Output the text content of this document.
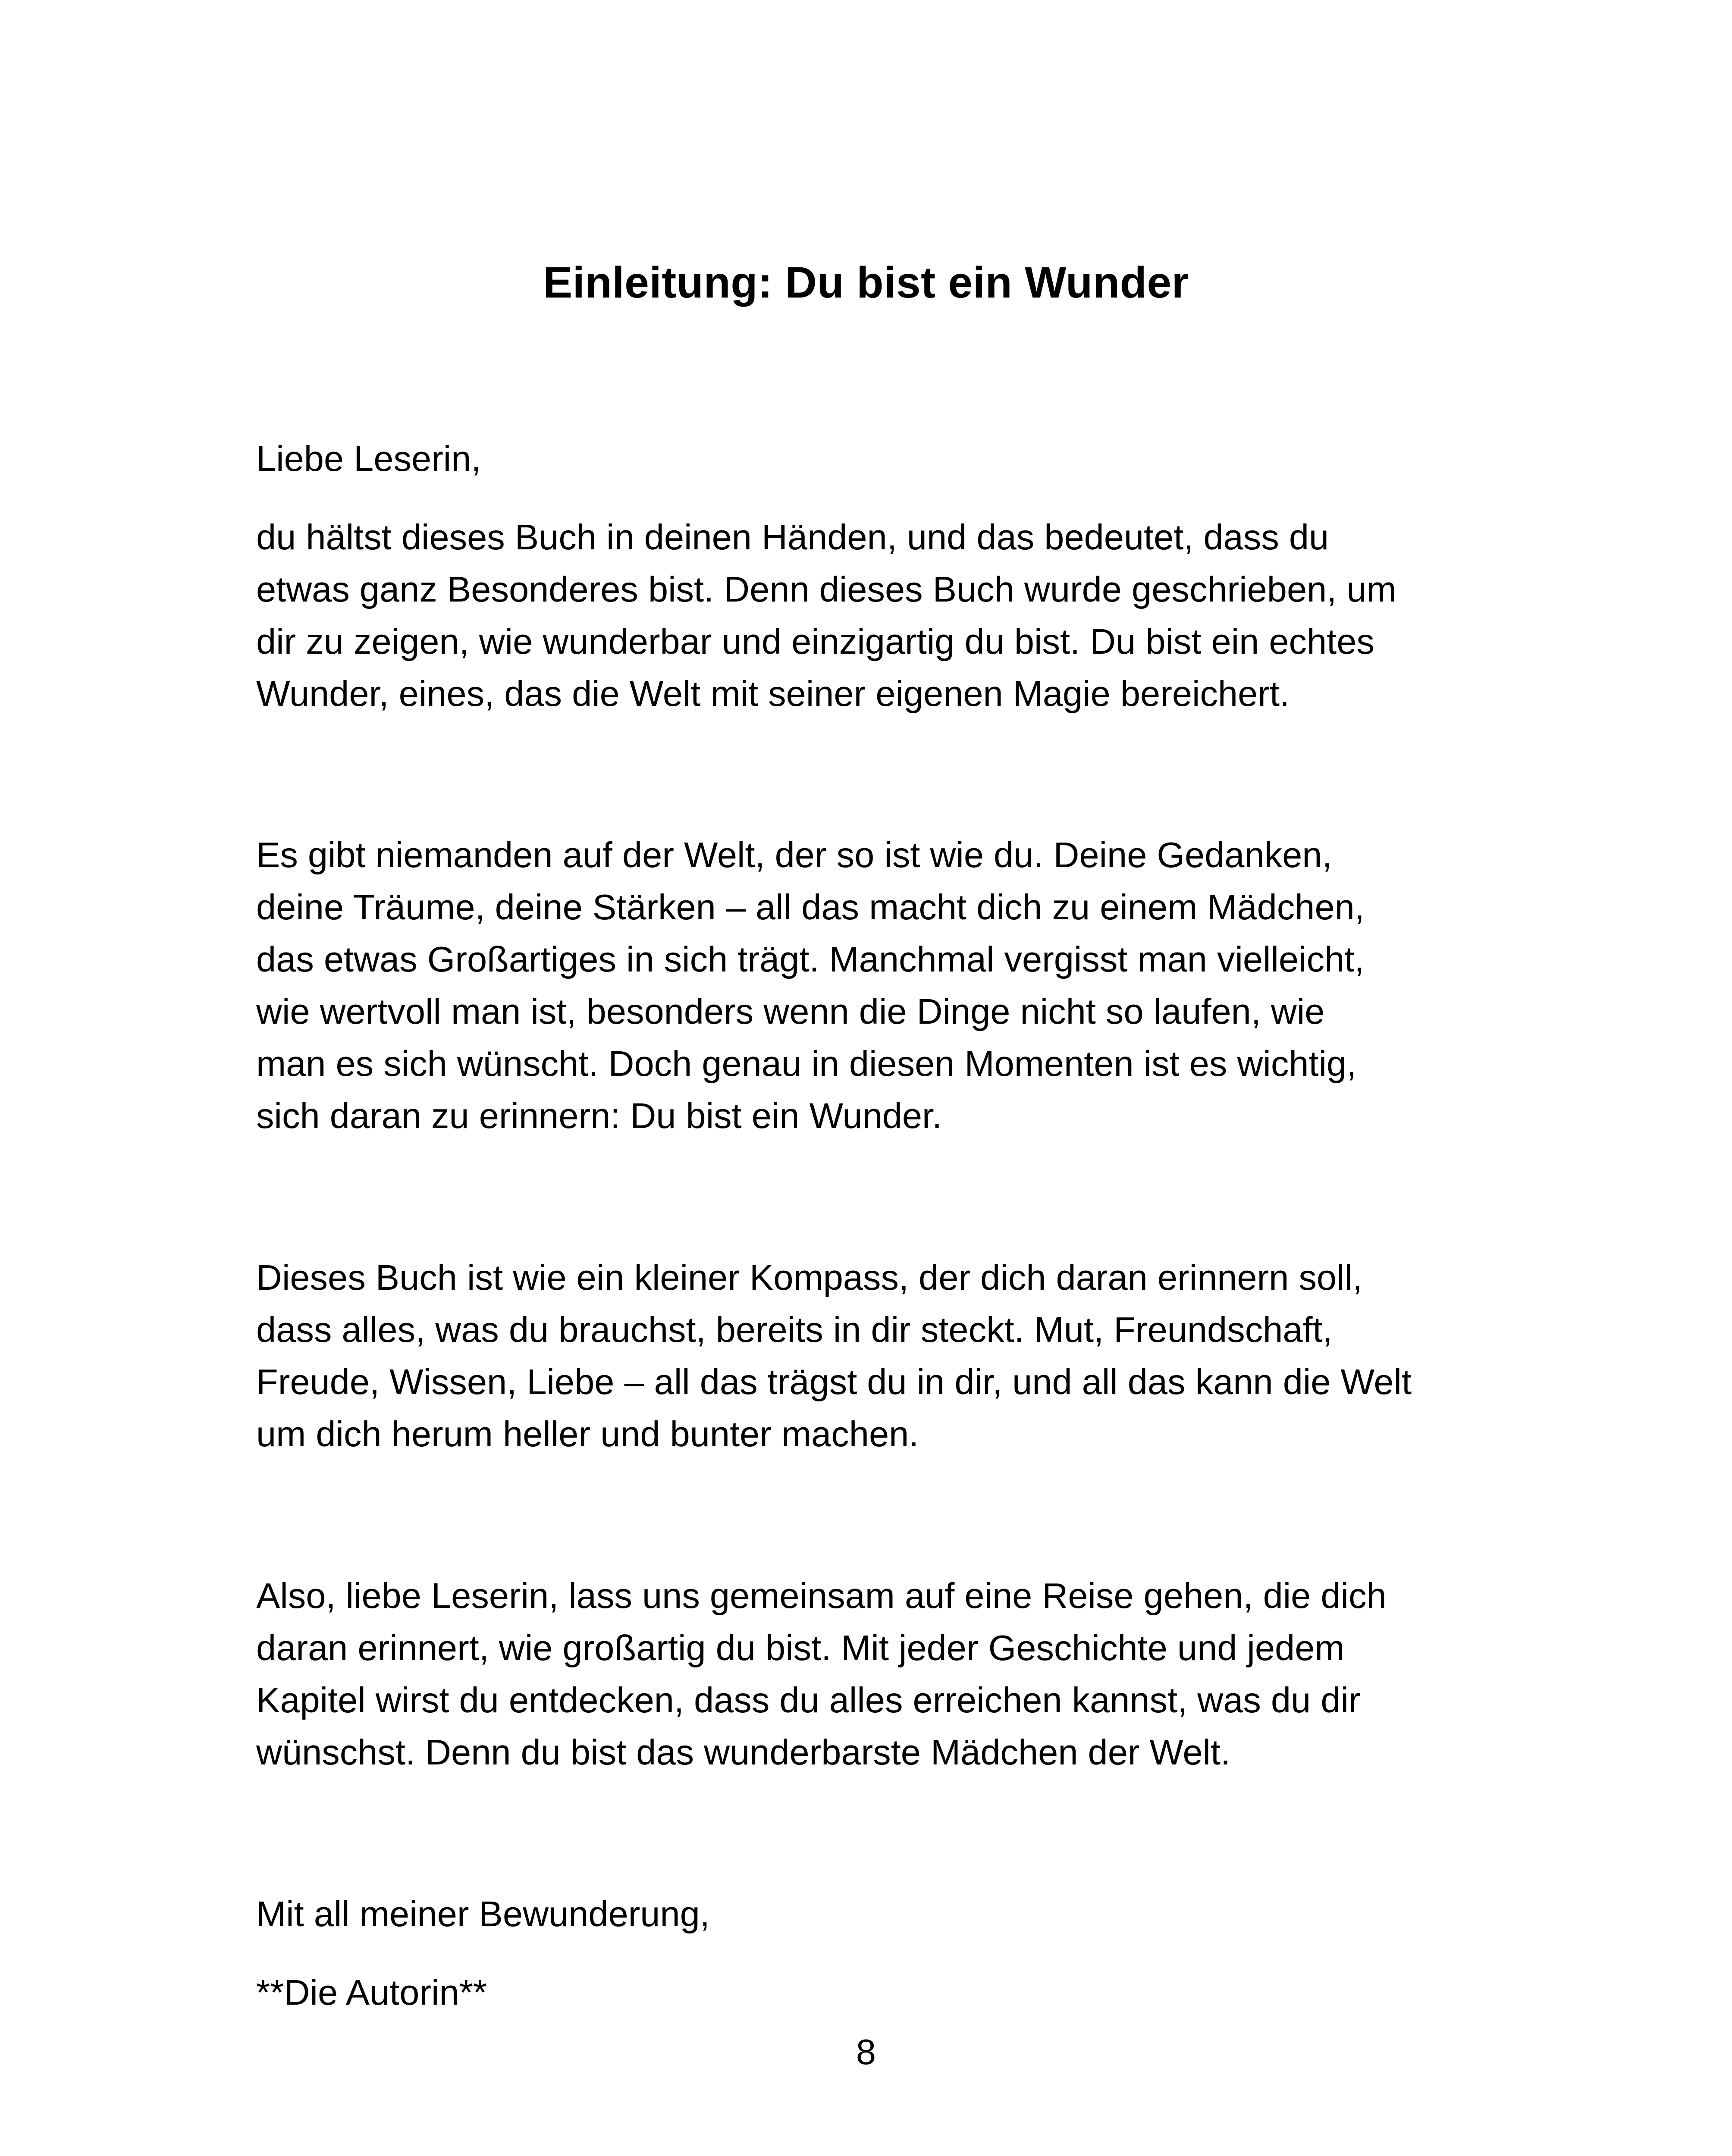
Einleitung: Du bist ein Wunder

Liebe Leserin,

du hältst dieses Buch in deinen Händen, und das bedeutet, dass du
etwas ganz Besonderes bist. Denn dieses Buch wurde geschrieben, um
dir zu zeigen, wie wunderbar und einzigartig du bist. Du bist ein echtes
Wunder, eines, das die Welt mit seiner eigenen Magie bereichert.

Es gibt niemanden auf der Welt, der so ist wie du. Deine Gedanken,
deine Träume, deine Stärken – all das macht dich zu einem Mädchen,
das etwas Großartiges in sich trägt. Manchmal vergisst man vielleicht,
wie wertvoll man ist, besonders wenn die Dinge nicht so laufen, wie
man es sich wünscht. Doch genau in diesen Momenten ist es wichtig,
sich daran zu erinnern: Du bist ein Wunder.

Dieses Buch ist wie ein kleiner Kompass, der dich daran erinnern soll,
dass alles, was du brauchst, bereits in dir steckt. Mut, Freundschaft,
Freude, Wissen, Liebe – all das trägst du in dir, und all das kann die Welt
um dich herum heller und bunter machen.

Also, liebe Leserin, lass uns gemeinsam auf eine Reise gehen, die dich
daran erinnert, wie großartig du bist. Mit jeder Geschichte und jedem
Kapitel wirst du entdecken, dass du alles erreichen kannst, was du dir
wünschst. Denn du bist das wunderbarste Mädchen der Welt.

Mit all meiner Bewunderung,

**Die Autorin**

8
